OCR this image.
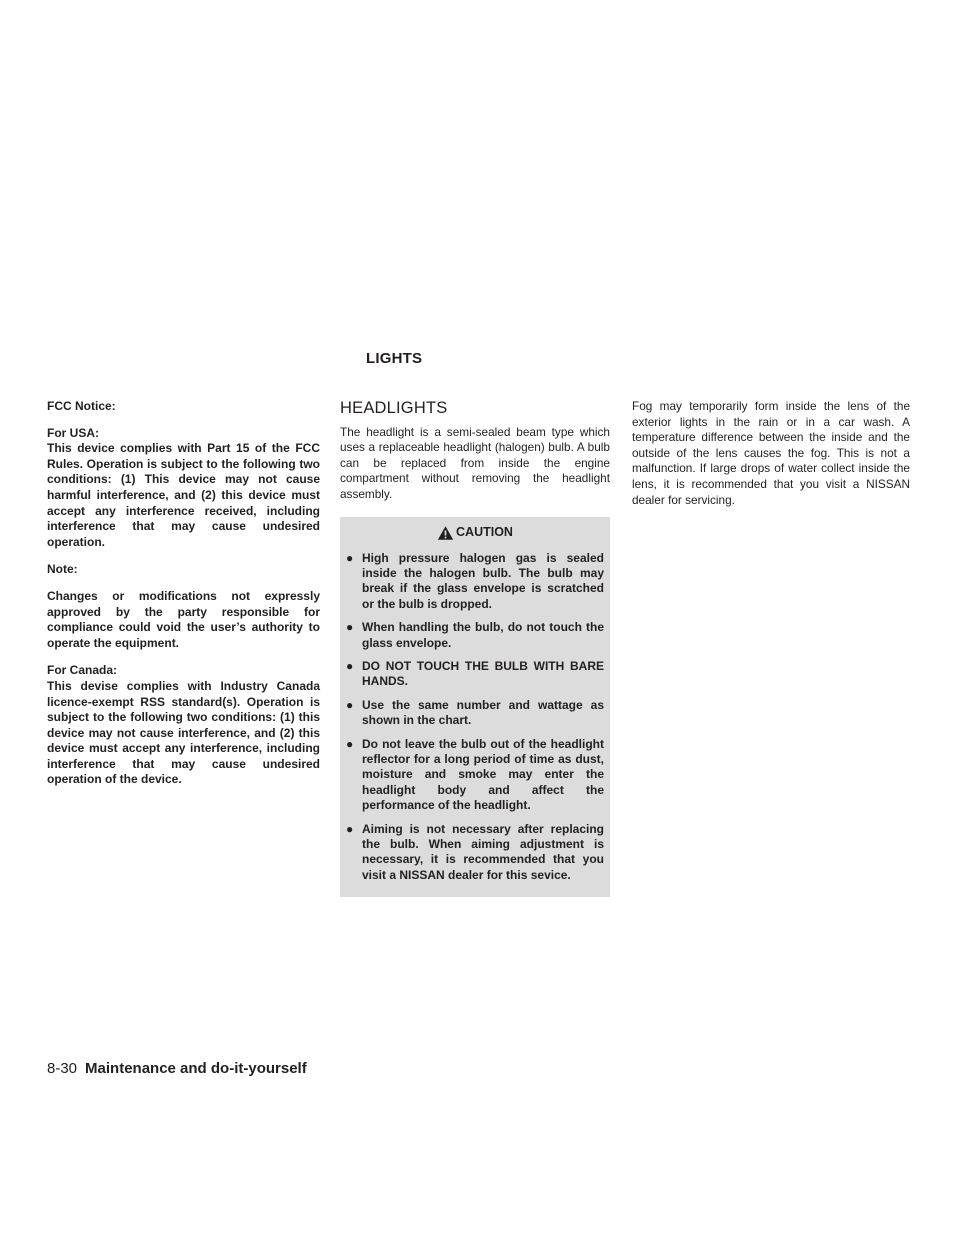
LIGHTS

FCC Notice:

For USA:
This device complies with Part 15 of the FCC Rules. Operation is subject to the following two conditions: (1) This device may not cause harmful interference, and (2) this device must accept any interference received, including interference that may cause undesired operation.

Note:

Changes or modifications not expressly approved by the party responsible for compliance could void the user’s authority to operate the equipment.

For Canada:
This devise complies with Industry Canada licence-exempt RSS standard(s). Operation is subject to the following two conditions: (1) this device may not cause interference, and (2) this device must accept any interference, including interference that may cause undesired operation of the device.

HEADLIGHTS

The headlight is a semi-sealed beam type which uses a replaceable headlight (halogen) bulb. A bulb can be replaced from inside the engine compartment without removing the headlight assembly.

CAUTION
● High pressure halogen gas is sealed inside the halogen bulb. The bulb may break if the glass envelope is scratched or the bulb is dropped.
● When handling the bulb, do not touch the glass envelope.
● DO NOT TOUCH THE BULB WITH BARE HANDS.
● Use the same number and wattage as shown in the chart.
● Do not leave the bulb out of the headlight reflector for a long period of time as dust, moisture and smoke may enter the headlight body and affect the performance of the headlight.
● Aiming is not necessary after replacing the bulb. When aiming adjustment is necessary, it is recommended that you visit a NISSAN dealer for this sevice.

Fog may temporarily form inside the lens of the exterior lights in the rain or in a car wash. A temperature difference between the inside and the outside of the lens causes the fog. This is not a malfunction. If large drops of water collect inside the lens, it is recommended that you visit a NISSAN dealer for servicing.

8-30 Maintenance and do-it-yourself
